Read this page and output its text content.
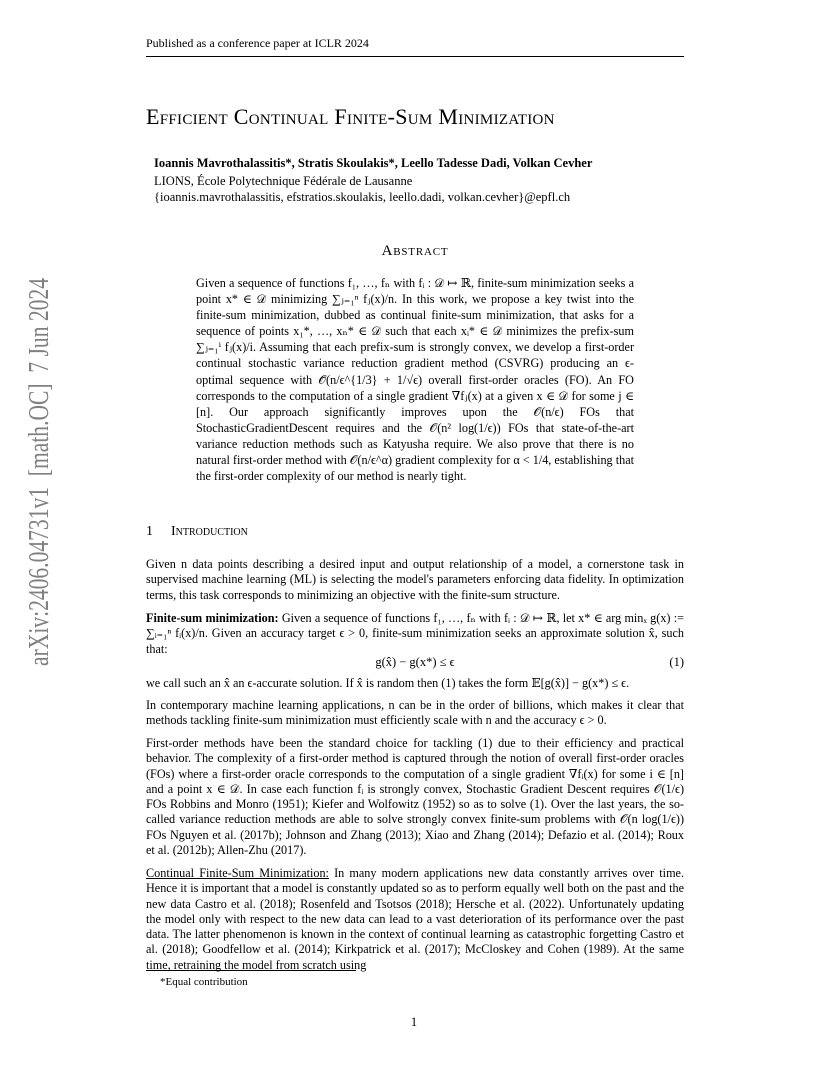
Published as a conference paper at ICLR 2024
Efficient Continual Finite-Sum Minimization
Ioannis Mavrothalassitis*, Stratis Skoulakis*, Leello Tadesse Dadi, Volkan Cevher
LIONS, École Polytechnique Fédérale de Lausanne
{ioannis.mavrothalassitis, efstratios.skoulakis, leello.dadi, volkan.cevher}@epfl.ch
Abstract
Given a sequence of functions f₁, …, fₙ with fᵢ : 𝒟 ↦ ℝ, finite-sum minimization seeks a point x* ∈ 𝒟 minimizing ∑ⱼ₌₁ⁿ fⱼ(x)/n. In this work, we propose a key twist into the finite-sum minimization, dubbed as continual finite-sum minimization, that asks for a sequence of points x₁*, …, xₙ* ∈ 𝒟 such that each xᵢ* ∈ 𝒟 minimizes the prefix-sum ∑ⱼ₌₁ⁱ fⱼ(x)/i. Assuming that each prefix-sum is strongly convex, we develop a first-order continual stochastic variance reduction gradient method (CSVRG) producing an ϵ-optimal sequence with 𝒪̃(n/ϵ^{1/3} + 1/√ϵ) overall first-order oracles (FO). An FO corresponds to the computation of a single gradient ∇fⱼ(x) at a given x ∈ 𝒟 for some j ∈ [n]. Our approach significantly improves upon the 𝒪(n/ϵ) FOs that StochasticGradientDescent requires and the 𝒪(n² log(1/ϵ)) FOs that state-of-the-art variance reduction methods such as Katyusha require. We also prove that there is no natural first-order method with 𝒪(n/ϵ^α) gradient complexity for α < 1/4, establishing that the first-order complexity of our method is nearly tight.
arXiv:2406.04731v1  [math.OC]  7 Jun 2024	1 Introduction
Given n data points describing a desired input and output relationship of a model, a cornerstone task in supervised machine learning (ML) is selecting the model's parameters enforcing data fidelity. In optimization terms, this task corresponds to minimizing an objective with the finite-sum structure.
Finite-sum minimization: Given a sequence of functions f₁, …, fₙ with fᵢ : 𝒟 ↦ ℝ, let x* ∈ arg minₓ g(x) := ∑ᵢ₌₁ⁿ fᵢ(x)/n. Given an accuracy target ϵ > 0, finite-sum minimization seeks an approximate solution x̂, such that:
g(x̂) − g(x*) ≤ ϵ	(1)
we call such an x̂ an ϵ-accurate solution. If x̂ is random then (1) takes the form 𝔼[g(x̂)] − g(x*) ≤ ϵ.
In contemporary machine learning applications, n can be in the order of billions, which makes it clear that methods tackling finite-sum minimization must efficiently scale with n and the accuracy ϵ > 0.
First-order methods have been the standard choice for tackling (1) due to their efficiency and practical behavior. The complexity of a first-order method is captured through the notion of overall first-order oracles (FOs) where a first-order oracle corresponds to the computation of a single gradient ∇fᵢ(x) for some i ∈ [n] and a point x ∈ 𝒟. In case each function fᵢ is strongly convex, Stochastic Gradient Descent requires 𝒪(1/ϵ) FOs Robbins and Monro (1951); Kiefer and Wolfowitz (1952) so as to solve (1). Over the last years, the so-called variance reduction methods are able to solve strongly convex finite-sum problems with 𝒪(n log(1/ϵ)) FOs Nguyen et al. (2017b); Johnson and Zhang (2013); Xiao and Zhang (2014); Defazio et al. (2014); Roux et al. (2012b); Allen-Zhu (2017).
Continual Finite-Sum Minimization: In many modern applications new data constantly arrives over time. Hence it is important that a model is constantly updated so as to perform equally well both on the past and the new data Castro et al. (2018); Rosenfeld and Tsotsos (2018); Hersche et al. (2022). Unfortunately updating the model only with respect to the new data can lead to a vast deterioration of its performance over the past data. The latter phenomenon is known in the context of continual learning as catastrophic forgetting Castro et al. (2018); Goodfellow et al. (2014); Kirkpatrick et al. (2017); McCloskey and Cohen (1989). At the same time, retraining the model from scratch using
*Equal contribution
1
